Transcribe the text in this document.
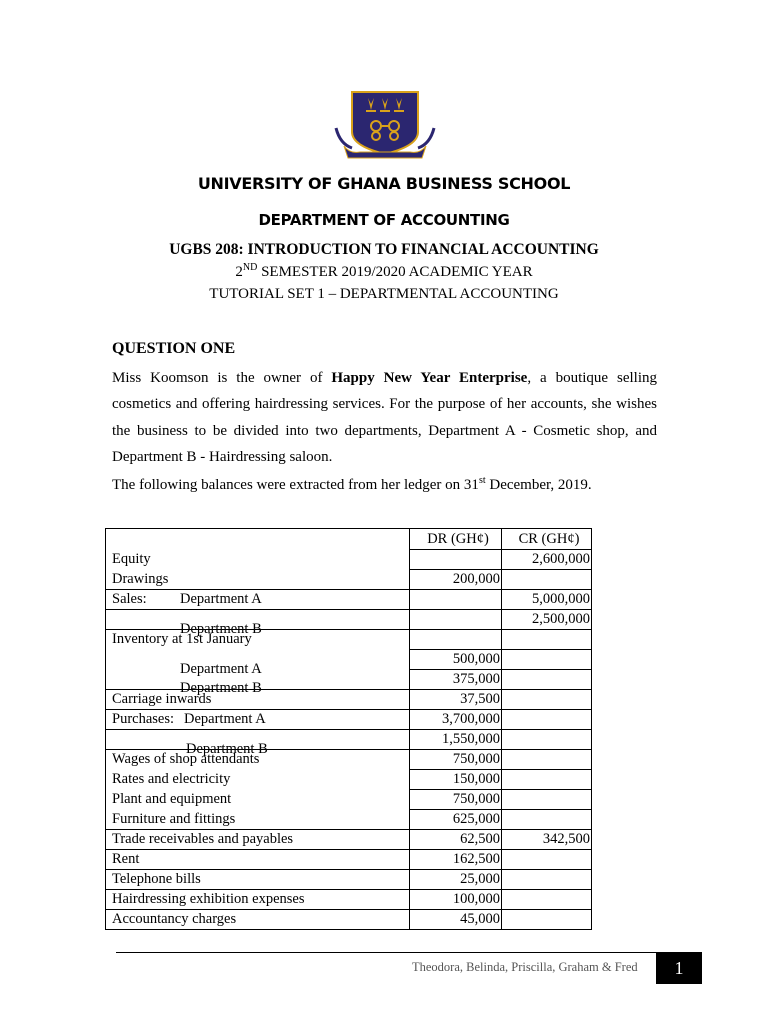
UNIVERSITY OF GHANA BUSINESS SCHOOL
DEPARTMENT OF ACCOUNTING
UGBS 208: INTRODUCTION TO FINANCIAL ACCOUNTING
2ND SEMESTER 2019/2020 ACADEMIC YEAR
TUTORIAL SET 1 – DEPARTMENTAL ACCOUNTING
QUESTION ONE
Miss Koomson is the owner of Happy New Year Enterprise, a boutique selling cosmetics and offering hairdressing services. For the purpose of her accounts, she wishes the business to be divided into two departments, Department A - Cosmetic shop, and Department B - Hairdressing saloon.
The following balances were extracted from her ledger on 31st December, 2019.
	DR (GH¢)	CR (GH¢)
Equity		2,600,000
Drawings	200,000	
Sales: Department A		5,000,000

Department B		2,500,000
Inventory at 1st January		

Department A	500,000	

Department B	375,000	
Carriage inwards	37,500	
Purchases: Department A	3,700,000	

Department B	1,550,000	
Wages of shop attendants	750,000	
Rates and electricity	150,000	
Plant and equipment	750,000	
Furniture and fittings	625,000	
Trade receivables and payables	62,500	342,500
Rent	162,500	
Telephone bills	25,000	
Hairdressing exhibition expenses	100,000	
Accountancy charges	45,000	
Theodora, Belinda, Priscilla, Graham & Fred	1
